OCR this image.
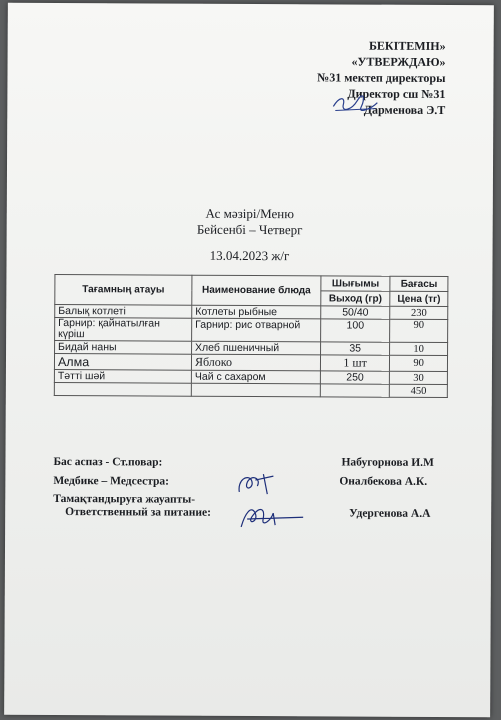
БЕКІТЕМІН»
«УТВЕРЖДАЮ»
№31 мектеп директоры
Директор сш №31
Дарменова Э.Т
Ас мәзірі/Меню
Бейсенбі – Четверг
13.04.2023 ж/г
Тағамның атауы	Наименование блюда	Шығымы	Бағасы
		Выход (гр)	Цена (тг)
Балық котлеті	Котлеты рыбные	50/40	230
Гарнир: қайнатылған күріш	Гарнир: рис отварной	100	90
Бидай наны	Хлеб пшеничный	35	10
Алма	Яблоко	1 шт	90
Тәтті шәй	Чай с сахаром	250	30
			450
Бас аспаз - Ст.повар:	Набугорнова И.М
Медбике – Медсестра:	Оналбекова А.К.
Тамақтандыруға жауапты-
Ответственный за питание:	Удергенова А.А
